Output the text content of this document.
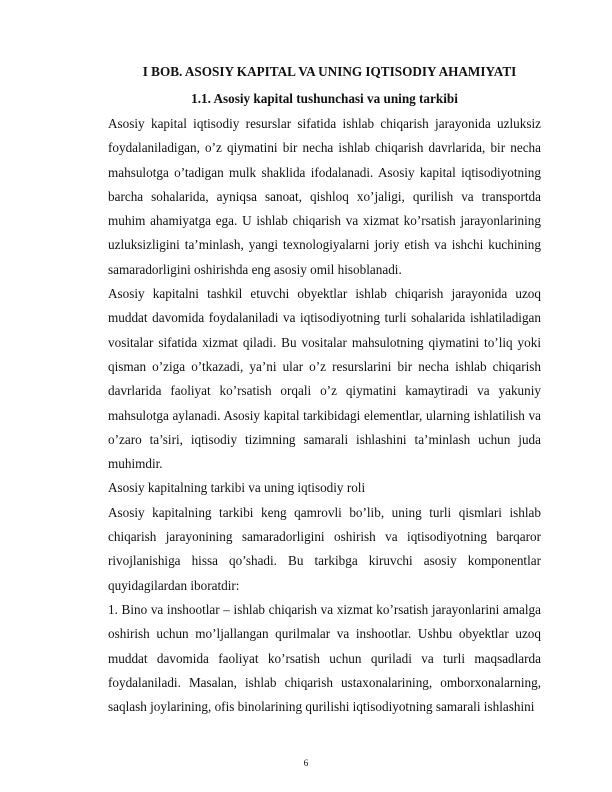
I BOB. ASOSIY KAPITAL VA UNING IQTISODIY AHAMIYATI
1.1. Asosiy kapital tushunchasi va uning tarkibi

Asosiy kapital iqtisodiy resurslar sifatida ishlab chiqarish jarayonida uzluksiz foydalaniladigan, o’z qiymatini bir necha ishlab chiqarish davrlarida, bir necha mahsulotga o’tadigan mulk shaklida ifodalanadi. Asosiy kapital iqtisodiyotning barcha sohalarida, ayniqsa sanoat, qishloq xo’jaligi, qurilish va transportda muhim ahamiyatga ega. U ishlab chiqarish va xizmat ko’rsatish jarayonlarining uzluksizligini ta’minlash, yangi texnologiyalarni joriy etish va ishchi kuchining samaradorligini oshirishda eng asosiy omil hisoblanadi.

Asosiy kapitalni tashkil etuvchi obyektlar ishlab chiqarish jarayonida uzoq muddat davomida foydalaniladi va iqtisodiyotning turli sohalarida ishlatiladigan vositalar sifatida xizmat qiladi. Bu vositalar mahsulotning qiymatini to’liq yoki qisman o’ziga o’tkazadi, ya’ni ular o’z resurslarini bir necha ishlab chiqarish davrlarida faoliyat ko’rsatish orqali o’z qiymatini kamaytiradi va yakuniy mahsulotga aylanadi. Asosiy kapital tarkibidagi elementlar, ularning ishlatilish va o’zaro ta’siri, iqtisodiy tizimning samarali ishlashini ta’minlash uchun juda muhimdir.

Asosiy kapitalning tarkibi va uning iqtisodiy roli

Asosiy kapitalning tarkibi keng qamrovli bo’lib, uning turli qismlari ishlab chiqarish jarayonining samaradorligini oshirish va iqtisodiyotning barqaror rivojlanishiga hissa qo’shadi. Bu tarkibga kiruvchi asosiy komponentlar quyidagilardan iboratdir:

1. Bino va inshootlar – ishlab chiqarish va xizmat ko’rsatish jarayonlarini amalga oshirish uchun mo’ljallangan qurilmalar va inshootlar. Ushbu obyektlar uzoq muddat davomida faoliyat ko’rsatish uchun quriladi va turli maqsadlarda foydalaniladi. Masalan, ishlab chiqarish ustaxonalarining, omborxonalarning, saqlash joylarining, ofis binolarining qurilishi iqtisodiyotning samarali ishlashini

6
